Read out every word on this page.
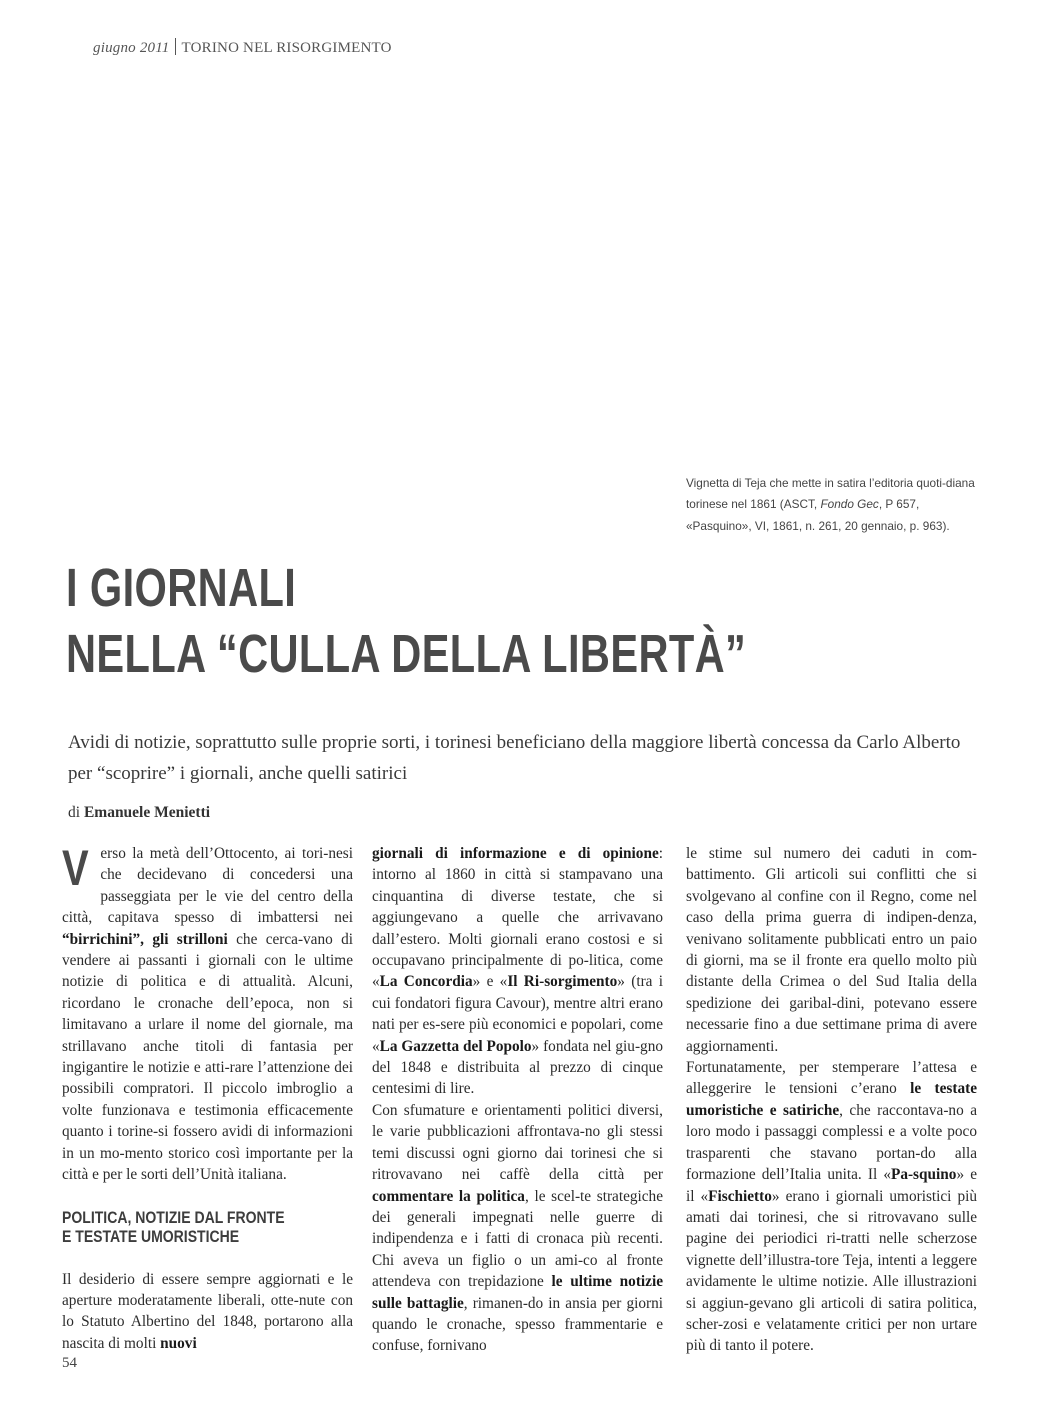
giugno 2011 TORINO NEL RISORGIMENTO
Vignetta di Teja che mette in satira l’editoria quoti-diana torinese nel 1861 (ASCT, Fondo Gec, P 657, «Pasquino», VI, 1861, n. 261, 20 gennaio, p. 963).
I GIORNALI
NELLA “CULLA DELLA LIBERTÀ”

Avidi di notizie, soprattutto sulle proprie sorti, i torinesi beneficiano della maggiore libertà concessa da Carlo Alberto per “scoprire” i giornali, anche quelli satirici

di Emanuele Menietti

Verso la metà dell’Ottocento, ai tori-nesi che decidevano di concedersi una passeggiata per le vie del centro della città, capitava spesso di imbattersi nei “birrichini”, gli strilloni che cerca-vano di vendere ai passanti i giornali con le ultime notizie di politica e di attualità. Alcuni, ricordano le cronache dell’epoca, non si limitavano a urlare il nome del giornale, ma strillavano anche titoli di fantasia per ingigantire le notizie e atti-rare l’attenzione dei possibili compratori. Il piccolo imbroglio a volte funzionava e testimonia efficacemente quanto i torine-si fossero avidi di informazioni in un mo-mento storico così importante per la città e per le sorti dell’Unità italiana.

POLITICA, NOTIZIE DAL FRONTE
E TESTATE UMORISTICHE

Il desiderio di essere sempre aggiornati e le aperture moderatamente liberali, otte-nute con lo Statuto Albertino del 1848, portarono alla nascita di molti nuovi

giornali di informazione e di opinione: intorno al 1860 in città si stampavano una cinquantina di diverse testate, che si aggiungevano a quelle che arrivavano dall’estero. Molti giornali erano costosi e si occupavano principalmente di po-litica, come «La Concordia» e «Il Ri-sorgimento» (tra i cui fondatori figura Cavour), mentre altri erano nati per es-sere più economici e popolari, come «La Gazzetta del Popolo» fondata nel giu-gno del 1848 e distribuita al prezzo di cinque centesimi di lire.

Con sfumature e orientamenti politici diversi, le varie pubblicazioni affrontava-no gli stessi temi discussi ogni giorno dai torinesi che si ritrovavano nei caffè della città per commentare la politica, le scel-te strategiche dei generali impegnati nelle guerre di indipendenza e i fatti di cronaca più recenti. Chi aveva un figlio o un ami-co al fronte attendeva con trepidazione le ultime notizie sulle battaglie, rimanen-do in ansia per giorni quando le cronache, spesso frammentarie e confuse, fornivano

le stime sul numero dei caduti in com-battimento. Gli articoli sui conflitti che si svolgevano al confine con il Regno, come nel caso della prima guerra di indipen-denza, venivano solitamente pubblicati entro un paio di giorni, ma se il fronte era quello molto più distante della Crimea o del Sud Italia della spedizione dei garibal-dini, potevano essere necessarie fino a due settimane prima di avere aggiornamenti.

Fortunatamente, per stemperare l’attesa e alleggerire le tensioni c’erano le testate umoristiche e satiriche, che raccontava-no a loro modo i passaggi complessi e a volte poco trasparenti che stavano portan-do alla formazione dell’Italia unita. Il «Pa-squino» e il «Fischietto» erano i giornali umoristici più amati dai torinesi, che si ritrovavano sulle pagine dei periodici ri-tratti nelle scherzose vignette dell’illustra-tore Teja, intenti a leggere avidamente le ultime notizie. Alle illustrazioni si aggiun-gevano gli articoli di satira politica, scher-zosi e velatamente critici per non urtare più di tanto il potere.

54
